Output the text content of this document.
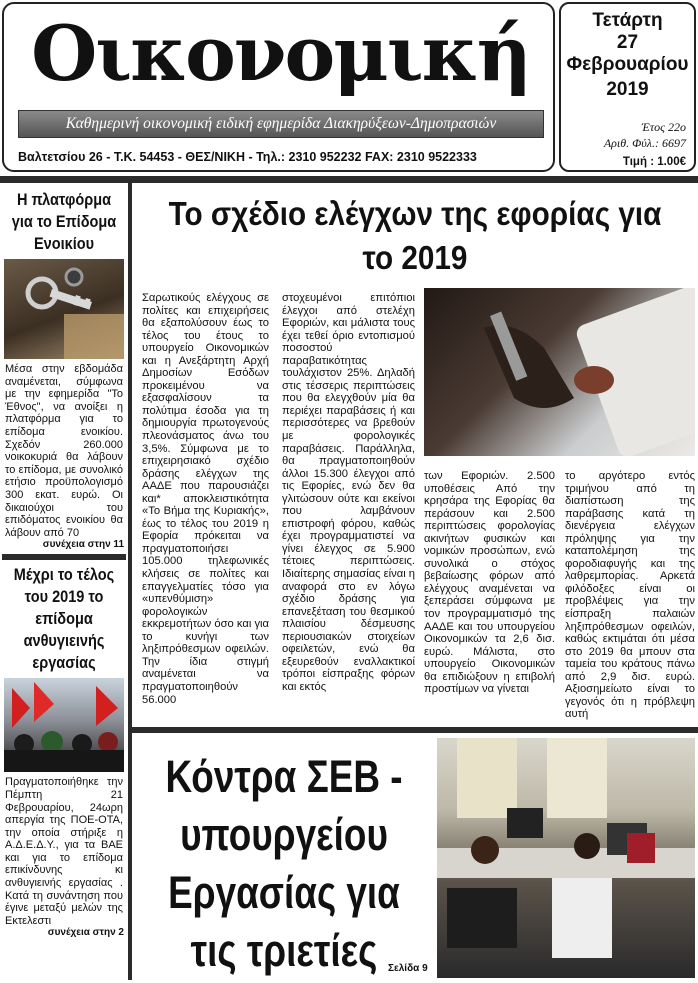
Οικονομική
Καθημερινή οικονομική ειδική εφημερίδα Διακηρύξεων-Δημοπρασιών
Βαλτετσίου 26 - Τ.Κ. 54453 - ΘΕΣ/ΝΙΚΗ - Τηλ.: 2310 952232 FAX: 2310 9522333
Τετάρτη
27
Φεβρουαρίου
2019
Έτος 22ο
Αριθ. Φύλ.: 6697
Τιμή : 1.00€
Η πλατφόρμα για το Επίδομα Ενοικίου
Μέσα στην εβδομάδα αναμένεται, σύμφωνα με την εφημερίδα "Το Έθνος", να ανοίξει η πλατφόρμα για το επίδομα ενοικίου. Σχεδόν 260.000 νοικοκυριά θα λάβουν το επίδομα, με συνολικό ετήσιο προϋπολογισμό 300 εκατ. ευρώ. Οι δικαιούχοι του επιδόματος ενοικίου θα λάβουν από 70
συνέχεια στην 11
Μέχρι το τέλος του 2019 το επίδομα ανθυγιεινής εργασίας
Πραγματοποιήθηκε την Πέμπτη 21 Φεβρουαρίου, 24ωρη απεργία της ΠΟΕ-ΟΤΑ, την οποία στήριξε η Α.Δ.Ε.Δ.Υ., για τα ΒΑΕ και για το επίδομα επικίνδυνης κι ανθυγιεινής εργασίας . Κατά τη συνάντηση που έγινε μεταξύ μελών της Εκτελεστι
συνέχεια στην 2
Το σχέδιο ελέγχων της εφορίας για το 2019
Σαρωτικούς ελέγχους σε πολίτες και επιχειρήσεις θα εξαπολύσουν έως το τέλος του έτους το υπουργείο Οικονομικών και η Ανεξάρτητη Αρχή Δημοσίων Εσόδων προκειμένου να εξασφαλίσουν τα πολύτιμα έσοδα για τη δημιουργία πρωτογενούς πλεονάσματος άνω του 3,5%. Σύμφωνα με το επιχειρησιακό σχέδιο δράσης ελέγχων της ΑΑΔΕ που παρουσιάζει και* αποκλειστικότητα «Το Βήμα της Κυριακής», έως το τέλος του 2019 η Εφορία πρόκειται να πραγματοποιήσει 105.000 τηλεφωνικές κλήσεις σε πολίτες και επαγγελματίες τόσο για «υπενθύμιση» φορολογικών εκκρεμοτήτων όσο και για το κυνήγι των ληξιπρόθεσμων οφειλών. Την ίδια στιγμή αναμένεται να πραγματοποιηθούν 56.000
στοχευμένοι επιτόπιοι έλεγχοι από στελέχη Εφοριών, και μάλιστα τους έχει τεθεί όριο εντοπισμού ποσοστού παραβατικότητας τουλάχιστον 25%. Δηλαδή στις τέσσερις περιπτώσεις που θα ελεγχθούν μία θα περιέχει παραβάσεις ή και περισσότερες να βρεθούν με φορολογικές παραβάσεις. Παράλληλα, θα πραγματοποιηθούν άλλοι 15.300 έλεγχοι από τις Εφορίες, ενώ δεν θα γλιτώσουν ούτε και εκείνοι που λαμβάνουν επιστροφή φόρου, καθώς έχει προγραμματιστεί να γίνει έλεγχος σε 5.900 τέτοιες περιπτώσεις. Ιδιαίτερης σημασίας είναι η αναφορά στο εν λόγω σχέδιο δράσης για επανεξέταση του θεσμικού πλαισίου δέσμευσης περιουσιακών στοιχείων οφειλετών, ενώ θα εξευρεθούν εναλλακτικοί τρόποι είσπραξης φόρων και εκτός
των Εφοριών. 2.500 υποθέσεις Από την κρησάρα της Εφορίας θα περάσουν και 2.500 περιπτώσεις φορολογίας ακινήτων φυσικών και νομικών προσώπων, ενώ συνολικά ο στόχος βεβαίωσης φόρων από ελέγχους αναμένεται να ξεπεράσει σύμφωνα με τον προγραμματισμό της ΑΑΔΕ και του υπουργείου Οικονομικών τα 2,6 δισ. ευρώ. Μάλιστα, στο υπουργείο Οικονομικών θα επιδιώξουν η επιβολή προστίμων να γίνεται
το αργότερο εντός τριμήνου από τη διαπίστωση της παράβασης κατά τη διενέργεια ελέγχων πρόληψης για την καταπολέμηση της φοροδιαφυγής και της λαθρεμπορίας. Αρκετά φιλόδοξες είναι οι προβλέψεις για την είσπραξη παλαιών ληξιπρόθεσμων οφειλών, καθώς εκτιμάται ότι μέσα στο 2019 θα μπουν στα ταμεία του κράτους πάνω από 2,9 δισ. ευρώ. Αξιοσημείωτο είναι το γεγονός ότι η πρόβλεψη αυτή
Κόντρα ΣΕΒ - υπουργείου Εργασίας για τις τριετίες	Σελίδα 9
